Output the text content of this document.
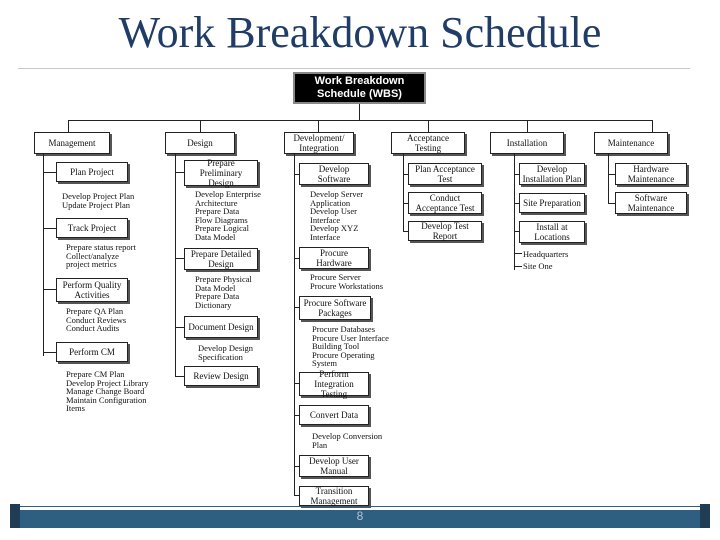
Work Breakdown Schedule
Work Breakdown Schedule (WBS)
Management	Design	Development/ Integration
Acceptance Testing	Installation	Maintenance
Plan Project
Develop Project Plan
Update Project Plan
Track Project
Prepare status report
Collect/analyze
project metrics
Perform Quality Activities
Prepare QA Plan
Conduct Reviews
Conduct Audits
Perform CM
Prepare CM Plan
Develop Project Library
Manage Change Board
Maintain Configuration
Items
Prepare Preliminary Design
Develop Enterprise
Architecture
Prepare Data
Flow Diagrams
Prepare Logical
Data Model
Prepare Detailed Design
Prepare Physical
Data Model
Prepare Data
Dictionary
Document Design
Develop Design
Specification
Review Design
Develop Software
Develop Server
Application
Develop User
Interface
Develop XYZ
Interface
Procure Hardware
Procure Server
Procure Workstations
Procure Software Packages
Procure Databases
Procure User Interface
Building Tool
Procure Operating
System
Perform Integration Testing
Convert Data
Develop Conversion
Plan
Develop User Manual
Transition Management
Plan Acceptance Test
Conduct Acceptance Test
Develop Test Report
Develop Installation Plan
Site Preparation
Install at Locations
Headquarters
Site One
Hardware Maintenance
Software Maintenance
8
